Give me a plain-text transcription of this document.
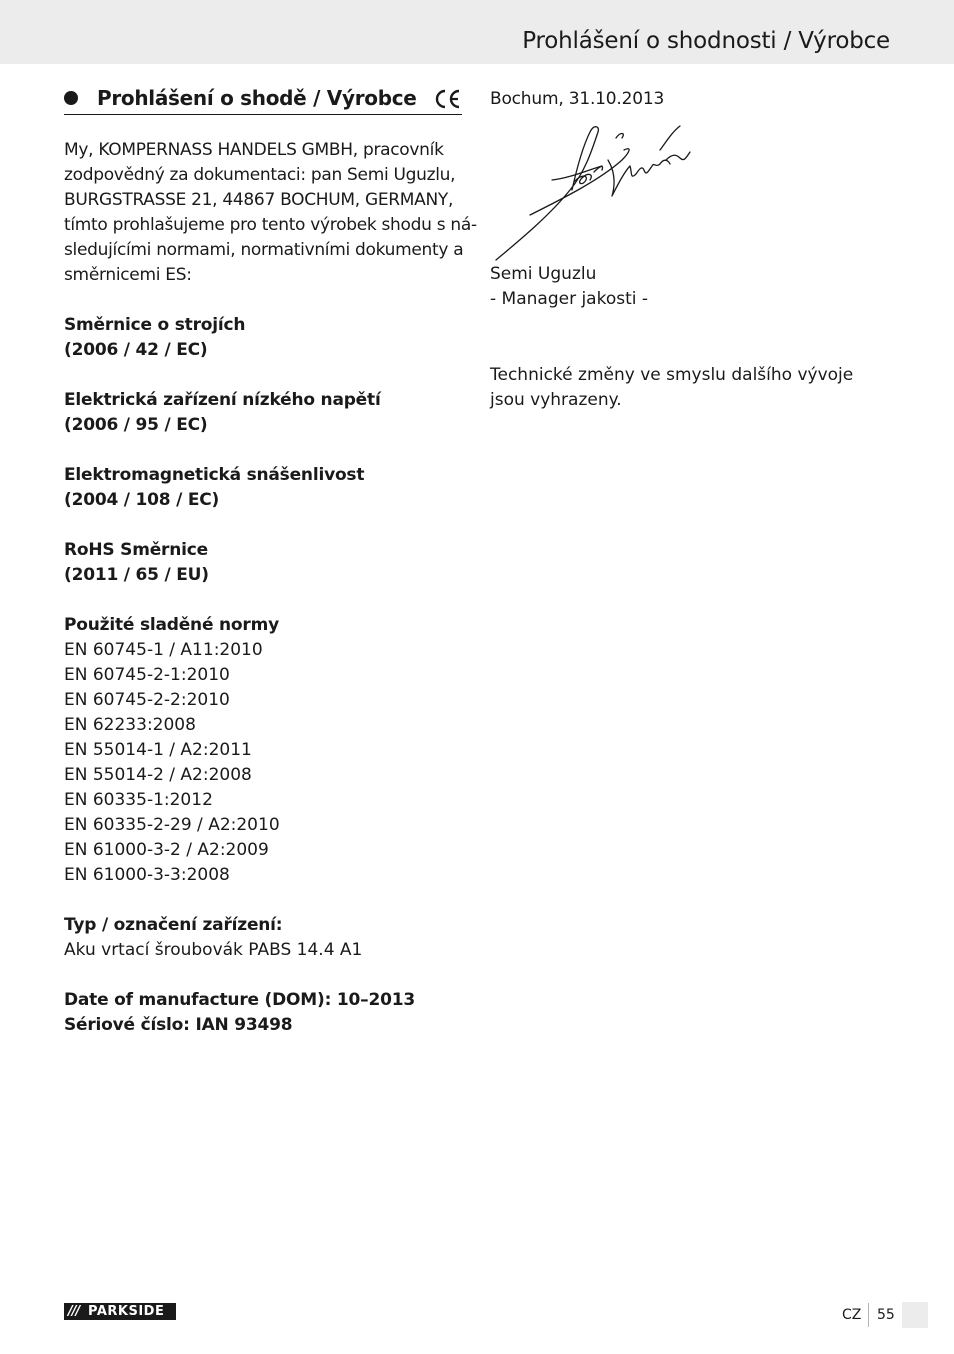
Prohlášení o shodnosti / Výrobce
Prohlášení o shodě / Výrobce
My, KOMPERNASS HANDELS GMBH, pracovník
zodpovědný za dokumentaci: pan Semi Uguzlu,
BURGSTRASSE 21, 44867 BOCHUM, GERMANY,
tímto prohlašujeme pro tento výrobek shodu s ná-
sledujícími normami, normativními dokumenty a
směrnicemi ES:
Směrnice o strojích
(2006 / 42 / EC)
Elektrická zařízení nízkého napětí
(2006 / 95 / EC)
Elektromagnetická snášenlivost
(2004 / 108 / EC)
RoHS Směrnice
(2011 / 65 / EU)
Použité sladěné normy
EN 60745-1 / A11:2010
EN 60745-2-1:2010
EN 60745-2-2:2010
EN 62233:2008
EN 55014-1 / A2:2011
EN 55014-2 / A2:2008
EN 60335-1:2012
EN 60335-2-29 / A2:2010
EN 61000-3-2 / A2:2009
EN 61000-3-3:2008
Typ / označení zařízení:
Aku vrtací šroubovák PABS 14.4 A1
Date of manufacture (DOM): 10–2013
Sériové číslo: IAN 93498
Bochum, 31.10.2013
Semi Uguzlu
- Manager jakosti -
Technické změny ve smyslu dalšího vývoje
jsou vyhrazeny.
/// PARKSIDE	CZ 55
